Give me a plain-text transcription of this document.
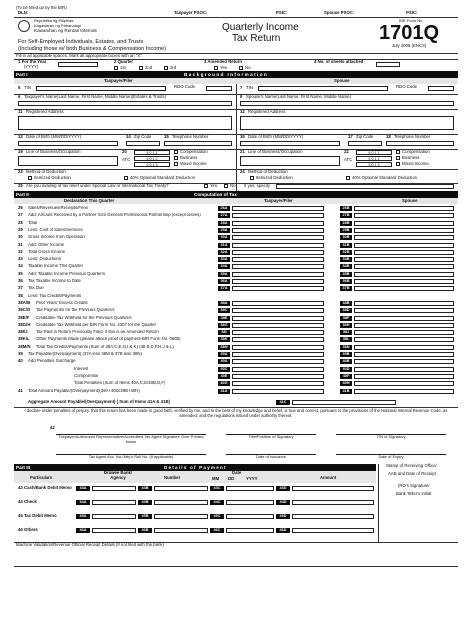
(To be filled up by the BIR)
DLN:	Taxpayer PSOC:	PSIC:	Spouse PSOC:	PSIC:
Republika ng Pilipinas
Kagawaran ng Pananalapi
Kawanihan ng Rentas Internas	Quarterly Income
Tax Return
BIR Form No.
1701Q
July 2008 (ENCS)
For Self-Employed Individuals, Estates, and Trusts
(Including those w/ both Business & Compensation Income)
Fill in all applicable spaces. Mark all appropriate boxes with an "X".
1 For the Year
(YYYY)
2 Quarter
1st	2nd	3rd
3 Amended Return
Yes	No
4 No. of sheets attached
Part I	Background Information
Taxpayer/Filer	Spouse
5 TIN	RDO Code	7 TIN	RDO Code
6 Taxpayer's Name(Last Name, First Name, Middle Name)(Estates & Trusts)	9 Spouse's Name(Last Name, First Name, Middle Name)
11 Registered Address	12 Registered Address
13 Date of Birth (MM/DD/YYYY)	14 Zip Code	15 Telephone Number	16 Date of Birth (MM/DD/YYYY)	17 Zip Code	18 Telephone Number
19 Line of Business/Occupation	20
ATC
II 0 1 1
II 0 1 2
II 0 1 3
Compensation
Business
Mixed Income
21 Line of Business/Occupation	22
ATC
II 0 1 1
II 0 1 2
II 0 1 3
Compensation
Business
Mixed Income
23 Method of Deduction
Itemized Deduction	40% Optional Standard Deduction
24 Method of Deduction
Itemized Deduction	40% Optional Standard Deduction
25 Are you availing of tax relief under Special Law or International Tax Treaty?	Yes	No If yes, specify
Part II	Computation of Tax
Declaration This Quarter	Taxpayer/Filer	Spouse
26 Sales/Revenues/Receipts/Fees	26A	26B
27 Add: Amount Received by a Partner from General Professional Partnership (except losses)	27A	27B
28 Total	28A	28B
29 Less: Cost of Sales/Services	29A	29B
30 Gross Income from Operation	30A	30B
31 Add: Other Income	31A	31B
32 Total Gross Income	32A	32B
33 Less: Deductions	33A	33B
34 Taxable Income This Quarter	34A	34B
35 Add: Taxable Income Previous Quarter/s	35A	35B
36 Tax Taxable Income to Date	36A	36B
37 Tax Due	37A	37B
38 Less: Tax Credits/Payments
38A/B Prior Years' Excess Credits	38A	38B
38C/D Tax Payment/s for the Previous Quarter/s	38C	38D
38E/F Creditable Tax Withheld for the Previous Quarter/s	38E	38F
38G/H Creditable Tax Withheld per BIR Form No. 2307 for the Quarter	38G	38H
38I/J Tax Paid in Return Previously Filed, if this is an Amended Return	38I	38J
38K/L Other Payments Made (please attach proof of payment-BIR Form No. 0605)	38K	38L
38M/N Total Tax Credits/Payments (Sum of 38A,C,E,G,I & K) (38 B,D,F,H,J & L)	38M	38N
39 Tax Payable/(Overpayment) (37A less 38M & 37B less 38N)	39A	39B
40 Add Penalties Surcharge	40A	40B
Interest	40C	40D
Compromise	40E	40F
Total Penalties (Sum of Items 40A,C,E/40B,D,F)	40G	40H
41 Total Amount Payable/(Overpayment)(39A+40G/39B+40H)	41A	41B
Aggregate Amount Payable/(Overpayment) ( Sum of Items 41A & 41B)	41C
I declare under penalties of perjury, that this return has been made in good faith, verified by me, and to the best of my knowledge and belief, is true and correct, pursuant to the provisions of the National Internal Revenue Code, as amended, and the regulations issued under authority thereof.
42
Taxpayer/Authorized Representative/Accredited Tax Agent Signature Over Printed Name
Title/Position of Signatory	TIN of Signatory
Tax Agent Acc. No./Atty's Roll No. (if applicable)	Date of Issuance	Date of Expiry
Part III	Details of Payment	Stamp of Receiving Office/
AAB and Date of Receipt
(RO's Signature/
Bank Teller's Initial
Particulars
Drawee Bank/ Agency	Number
Date
MM DD	YYYY	Amount
43 Cash/Bank Debit Memo	43A	43B	43C	43D
44 Check	44A	44B	44C	44D
45 Tax Debit Memo	45A	45B	45C	45D
46 Others	46A	46B	46C	46D
Machine Validation/Revenue Official Receipt Details (If not filed with the bank)
